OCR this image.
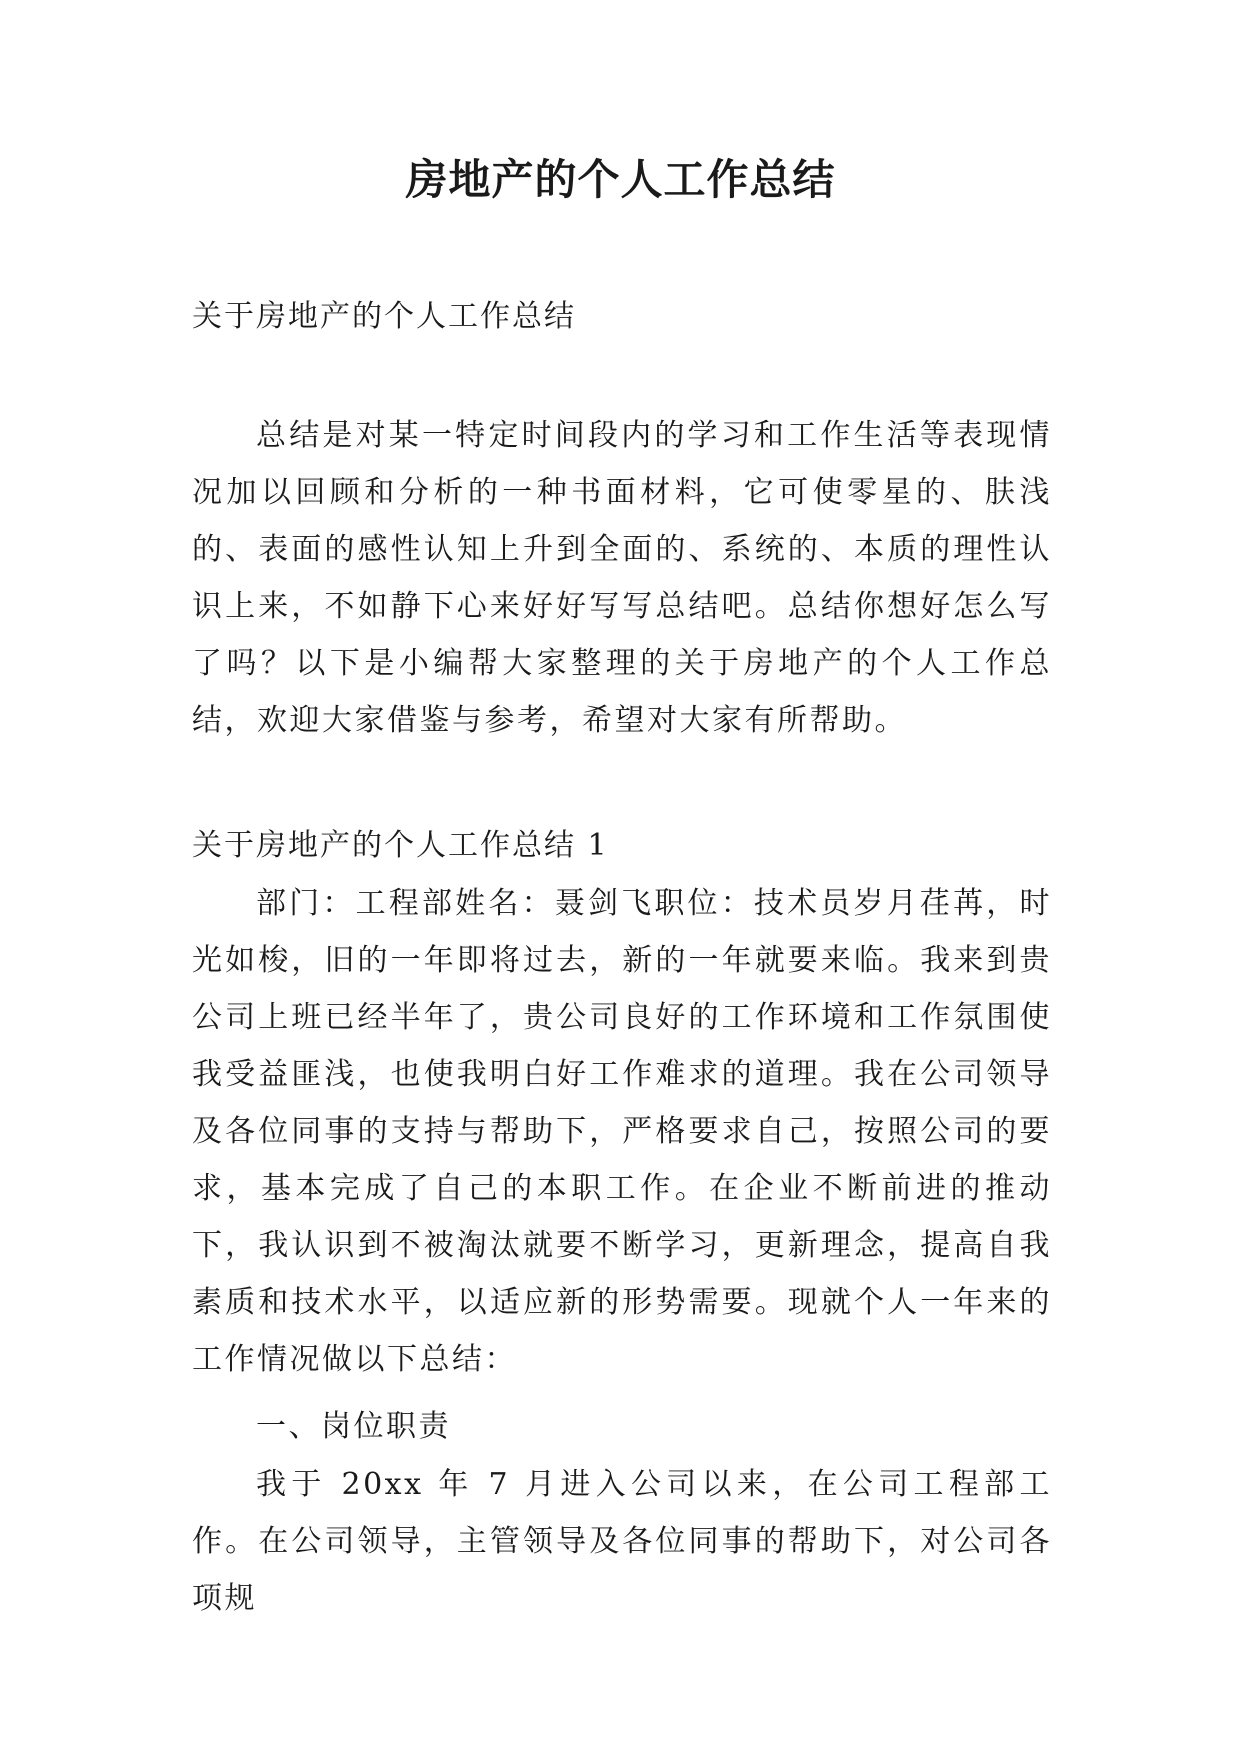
房地产的个人工作总结

关于房地产的个人工作总结

总结是对某一特定时间段内的学习和工作生活等表现情况加以回顾和分析的一种书面材料，它可使零星的、肤浅的、表面的感性认知上升到全面的、系统的、本质的理性认识上来，不如静下心来好好写写总结吧。总结你想好怎么写了吗？以下是小编帮大家整理的关于房地产的个人工作总结，欢迎大家借鉴与参考，希望对大家有所帮助。

关于房地产的个人工作总结 1

部门：工程部姓名：聂剑飞职位：技术员岁月荏苒，时光如梭，旧的一年即将过去，新的一年就要来临。我来到贵公司上班已经半年了，贵公司良好的工作环境和工作氛围使我受益匪浅，也使我明白好工作难求的道理。我在公司领导及各位同事的支持与帮助下，严格要求自己，按照公司的要求，基本完成了自己的本职工作。在企业不断前进的推动下，我认识到不被淘汰就要不断学习，更新理念，提高自我素质和技术水平，以适应新的形势需要。现就个人一年来的工作情况做以下总结：

一、岗位职责

我于 20xx 年 7 月进入公司以来，在公司工程部工作。在公司领导，主管领导及各位同事的帮助下，对公司各项规
